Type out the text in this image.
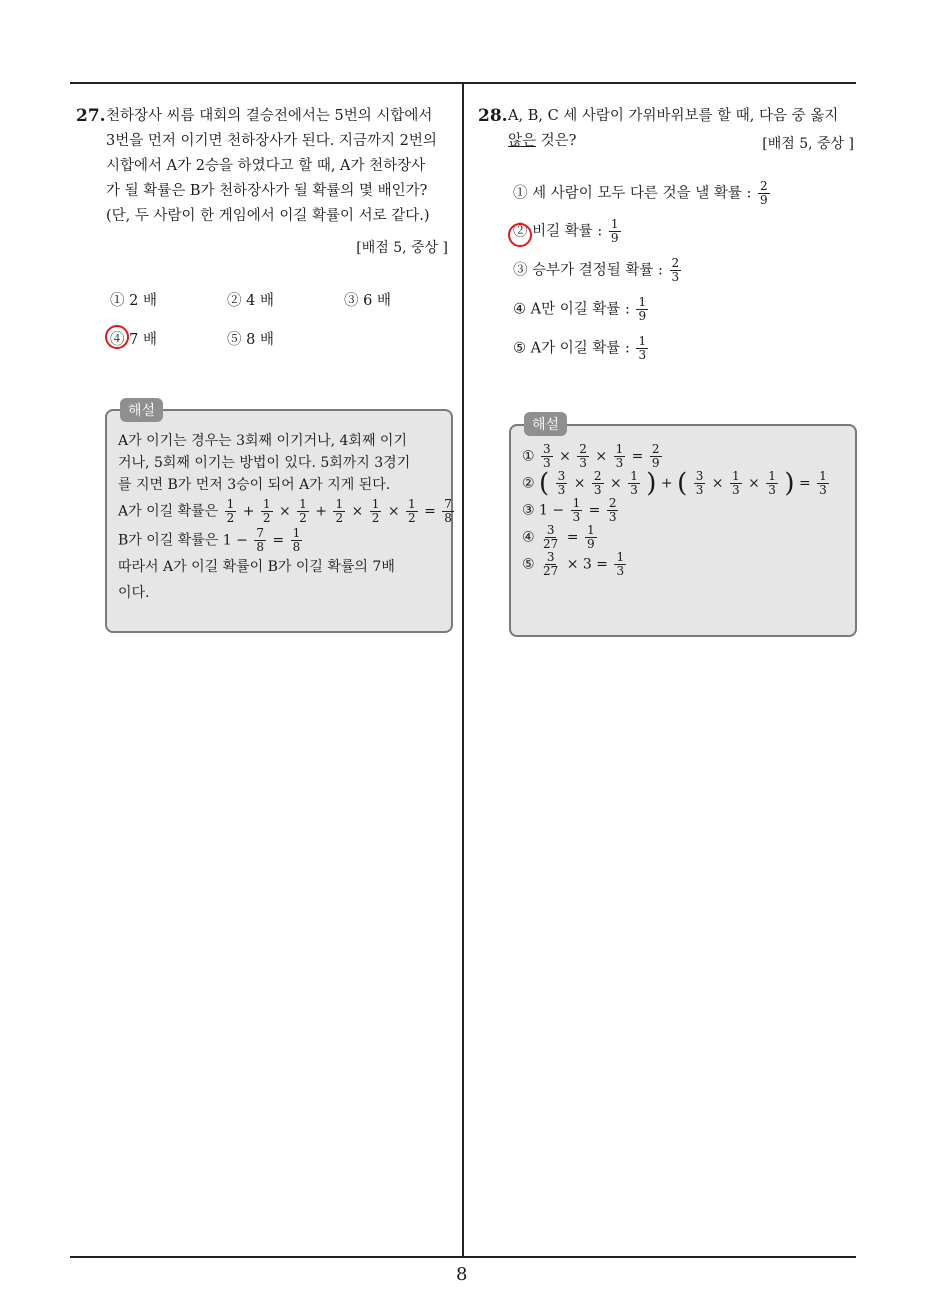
8
27. 천하장사 씨름 대회의 결승전에서는 5번의 시합에서
3번을 먼저 이기면 천하장사가 된다. 지금까지 2번의
시합에서 A가 2승을 하였다고 할 때, A가 천하장사
가 될 확률은 B가 천하장사가 될 확률의 몇 배인가?
(단, 두 사람이 한 게임에서 이길 확률이 서로 같다.)
[배점 5, 중상 ]
① 2 배	② 4 배	③ 6 배
④ 7 배	⑤ 8 배
해설
A가 이기는 경우는 3회째 이기거나, 4회째 이기
거나, 5회째 이기는 방법이 있다. 5회까지 3경기
를 지면 B가 먼저 3승이 되어 A가 지게 된다.
A가 이길 확률은 $\frac{1}{2} + \frac{1}{2} \times \frac{1}{2} + \frac{1}{2} \times \frac{1}{2} \times \frac{1}{2} = \frac{7}{8}$
B가 이길 확률은 $1 - \frac{7}{8} = \frac{1}{8}$
따라서 A가 이길 확률이 B가 이길 확률의 7배
이다.
28. A, B, C 세 사람이 가위바위보를 할 때, 다음 중 옳지
않은 것은?	[배점 5, 중상 ]
① 세 사람이 모두 다른 것을 낼 확률 : $\frac{2}{9}$
② 비길 확률 : $\frac{1}{9}$
③ 승부가 결정될 확률 : $\frac{2}{3}$
④ A만 이길 확률 : $\frac{1}{9}$
⑤ A가 이길 확률 : $\frac{1}{3}$
해설
① $\frac{3}{3} \times \frac{2}{3} \times \frac{1}{3} = \frac{2}{9}$
② ( $\frac{3}{3} \times \frac{2}{3} \times \frac{1}{3}$ ) + ( $\frac{3}{3} \times \frac{1}{3} \times \frac{1}{3}$ ) = $\frac{1}{3}$
③ $1 - \frac{1}{3} = \frac{2}{3}$
④ $\frac{3}{27} = \frac{1}{9}$
⑤ $\frac{3}{27} \times 3 = \frac{1}{3}$
